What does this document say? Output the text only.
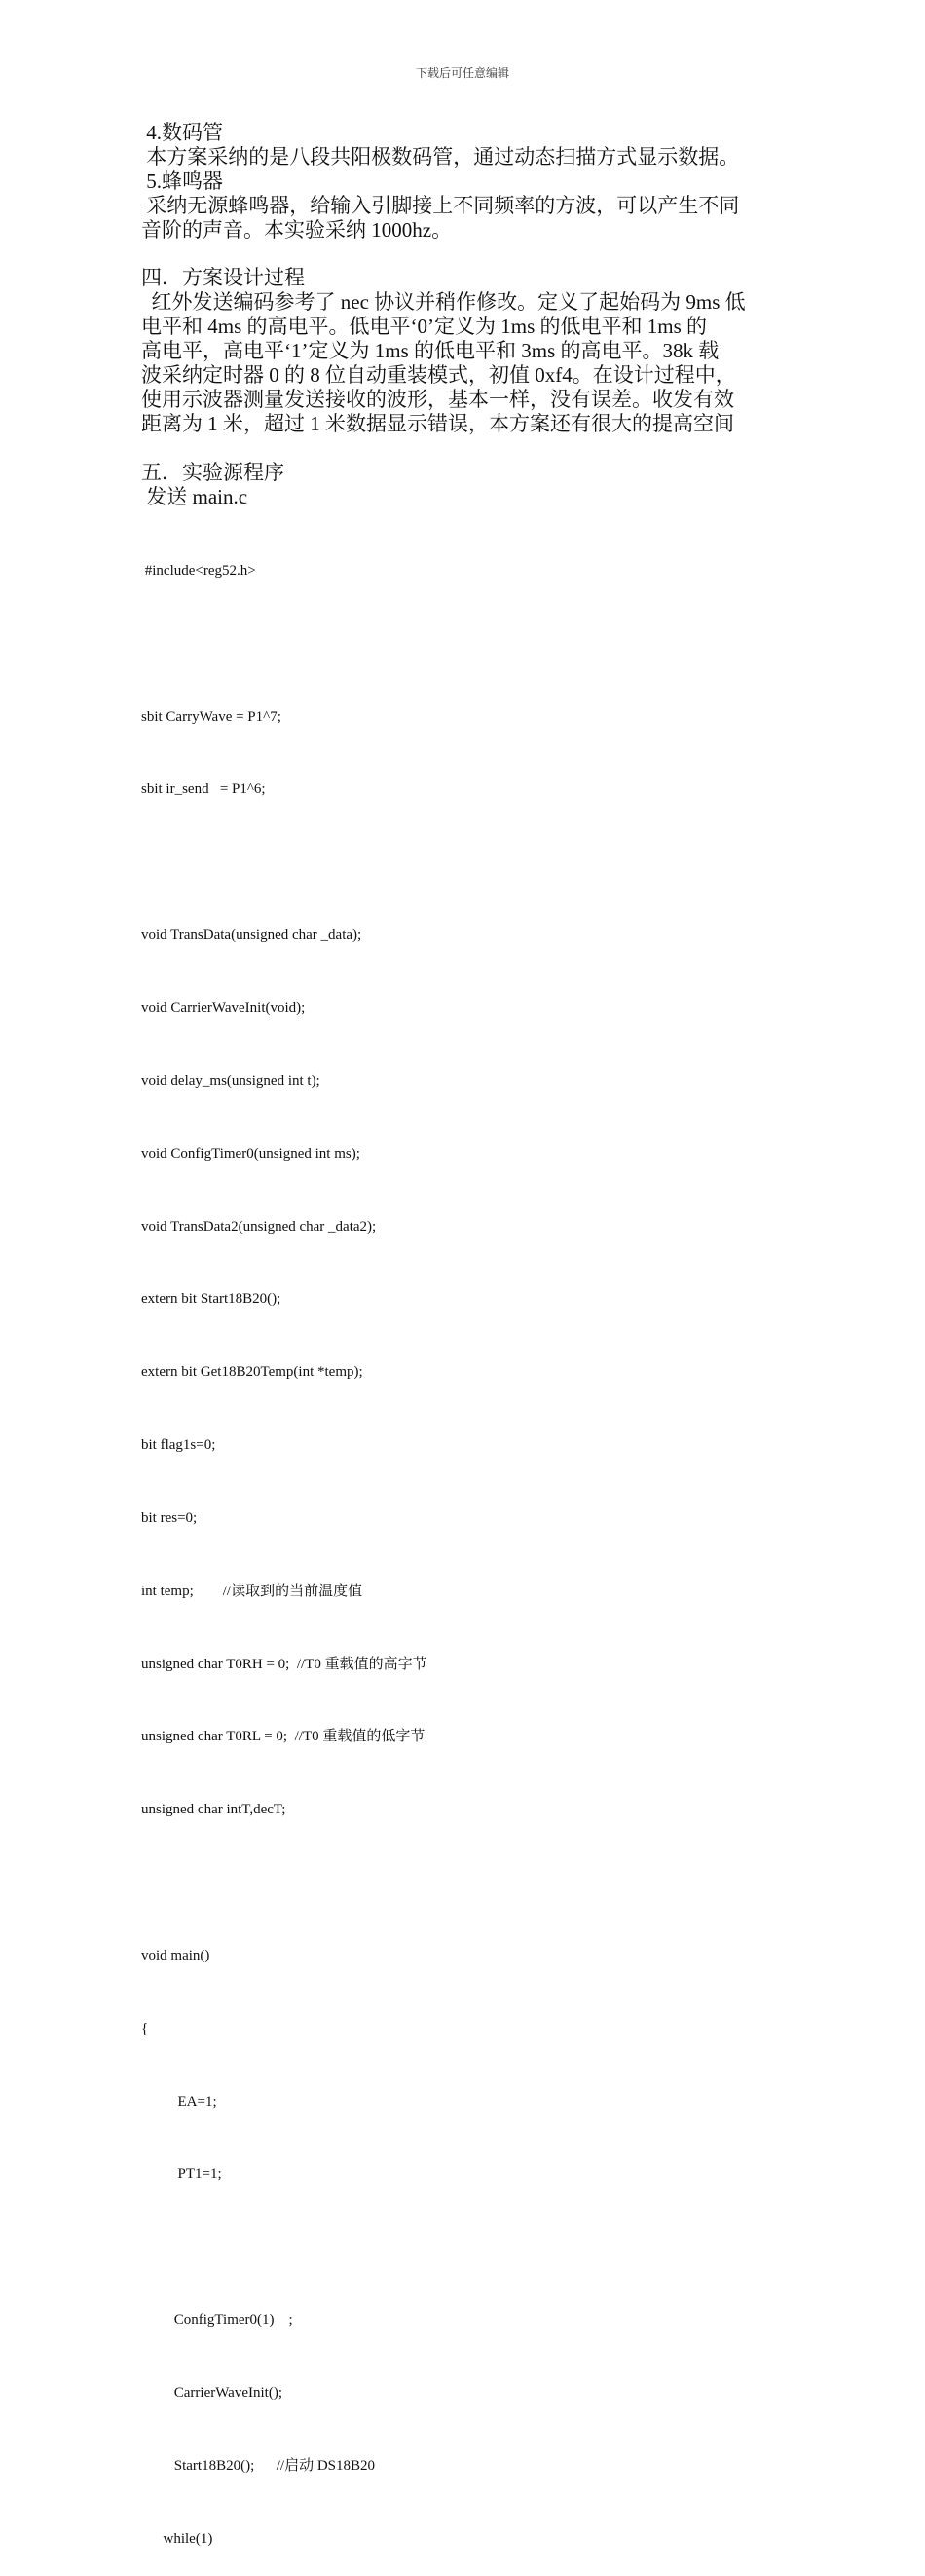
下载后可任意编辑
4.数码管
本方案采纳的是八段共阳极数码管，通过动态扫描方式显示数据。
5.蜂鸣器
采纳无源蜂鸣器，给输入引脚接上不同频率的方波，可以产生不同
音阶的声音。本实验采纳 1000hz。
四．方案设计过程
红外发送编码参考了 nec 协议并稍作修改。定义了起始码为 9ms 低
电平和 4ms 的高电平。低电平‘0’定义为 1ms 的低电平和 1ms 的
高电平，高电平‘1’定义为 1ms 的低电平和 3ms 的高电平。38k 载
波采纳定时器 0 的 8 位自动重装模式，初值 0xf4。在设计过程中，
使用示波器测量发送接收的波形，基本一样，没有误差。收发有效
距离为 1 米，超过 1 米数据显示错误，本方案还有很大的提高空间
五．实验源程序
发送 main.c

#include<reg52.h>

sbit CarryWave = P1^7;

sbit ir_send   = P1^6;

void TransData(unsigned char _data);

void CarrierWaveInit(void);

void delay_ms(unsigned int t);

void ConfigTimer0(unsigned int ms);

void TransData2(unsigned char _data2);

extern bit Start18B20();

extern bit Get18B20Temp(int *temp);

bit flag1s=0;

bit res=0;

int temp;        //读取到的当前温度值

unsigned char T0RH = 0;  //T0 重载值的高字节

unsigned char T0RL = 0;  //T0 重载值的低字节

unsigned char intT,decT;

void main()

{

EA=1;

PT1=1;

ConfigTimer0(1)    ;

CarrierWaveInit();

Start18B20();      //启动 DS18B20

while(1)
